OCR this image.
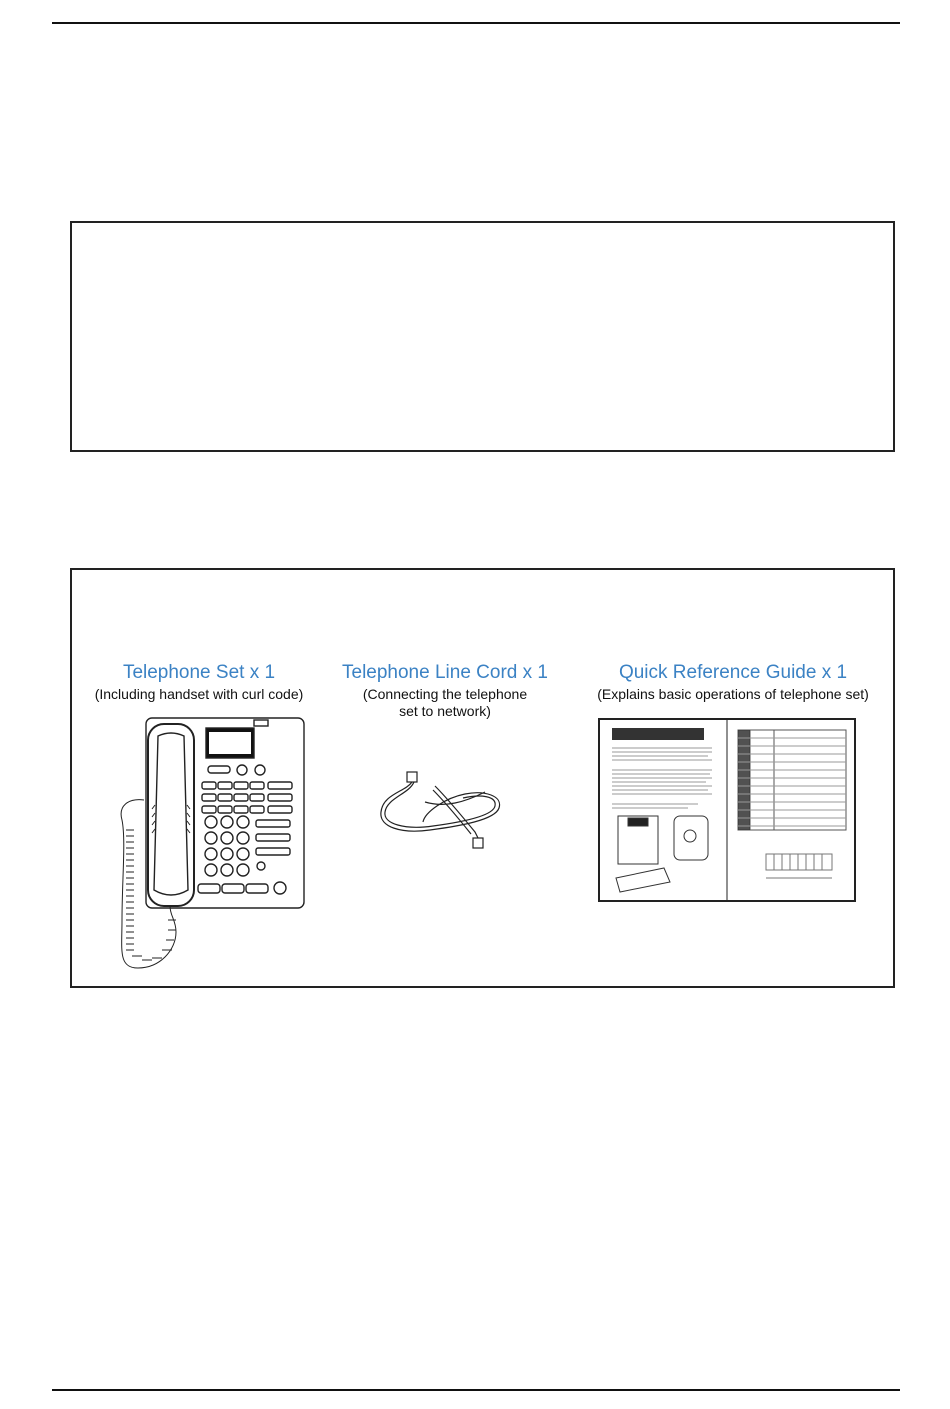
Telephone Set x 1
(Including handset with curl code)
Telephone Line Cord x 1
(Connecting the telephone
set to network)
Quick Reference Guide x 1
(Explains basic operations of telephone set)
